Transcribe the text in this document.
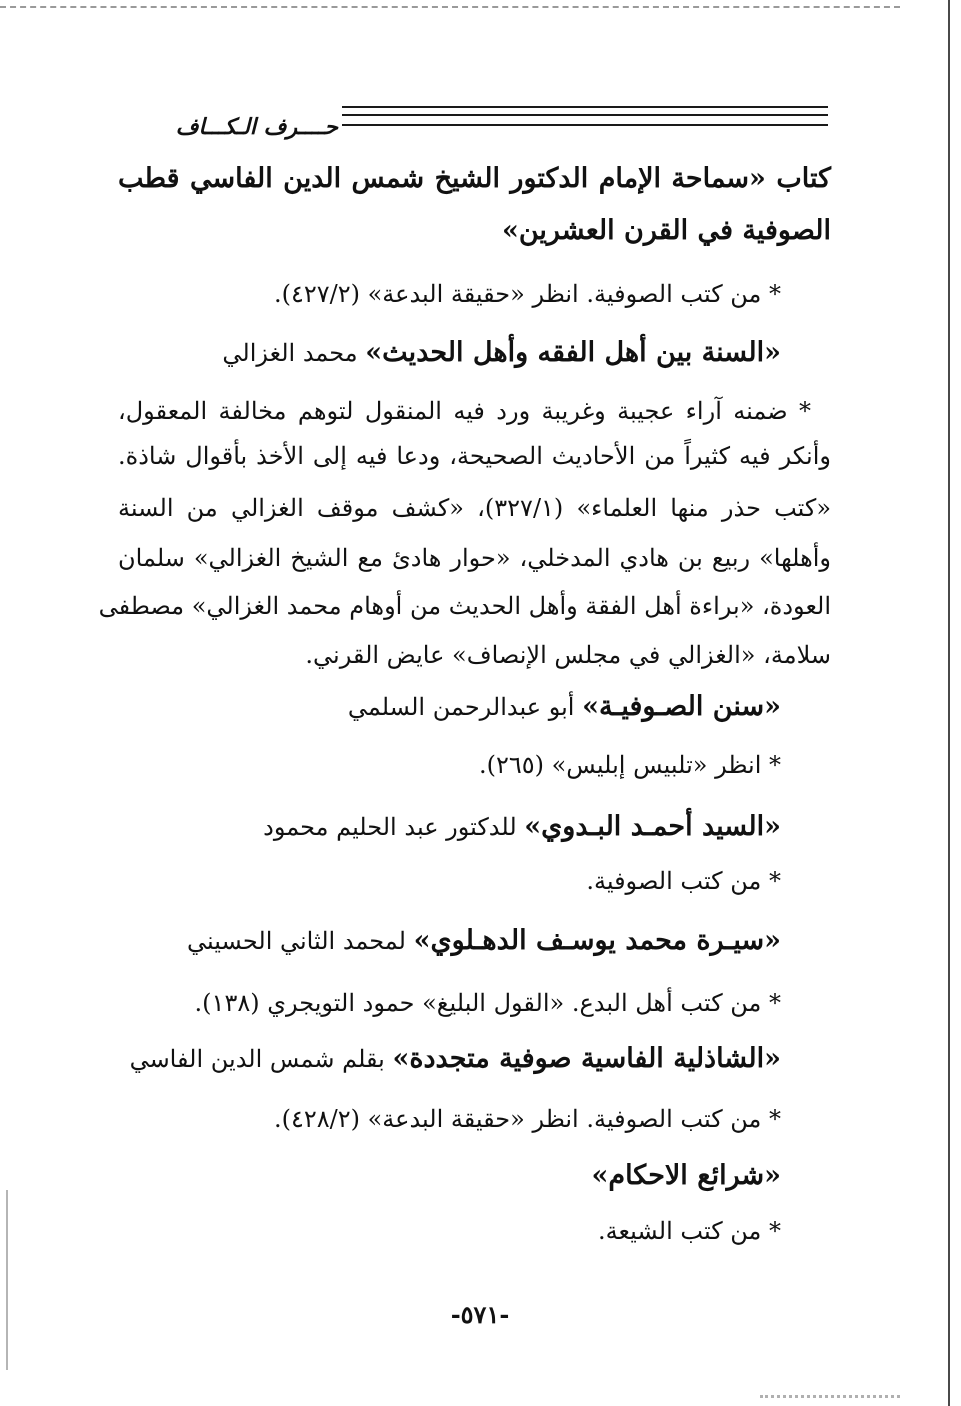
حــــرف الـكـــاف
كتاب «سماحة الإمام الدكتور الشيخ شمس الدين الفاسي قطب
الصوفية في القرن العشرين»
* من كتب الصوفية. انظر «حقيقة البدعة» (٤٢٧/٢).
«السنة بين أهل الفقه وأهل الحديث» محمد الغزالي
* ضمنه آراء عجيبة وغريبة ورد فيه المنقول لتوهم مخالفة المعقول،
وأنكر فيه كثيراً من الأحاديث الصحيحة، ودعا فيه إلى الأخذ بأقوال شاذة.
«كتب حذر منها العلماء» (٣٢٧/١)، «كشف موقف الغزالي من السنة
وأهلها» ربيع بن هادي المدخلي، «حوار هادئ مع الشيخ الغزالي» سلمان
العودة، «براءة أهل الفقة وأهل الحديث من أوهام محمد الغزالي» مصطفى
سلامة، «الغزالي في مجلس الإنصاف» عايض القرني.
«سنن الصـوفيـة» أبو عبدالرحمن السلمي
* انظر «تلبيس إبليس» (٢٦٥).
«السيد أحمـد البـدوي» للدكتور عبد الحليم محمود
* من كتب الصوفية.
«سيـرة محمد يوسـف الدهـلوي» لمحمد الثاني الحسيني
* من كتب أهل البدع. «القول البليغ» حمود التويجري (١٣٨).
«الشاذلية الفاسية صوفية متجددة» بقلم شمس الدين الفاسي
* من كتب الصوفية. انظر «حقيقة البدعة» (٤٢٨/٢).
«شرائع الاحكام»
* من كتب الشيعة.
-٥٧١-
